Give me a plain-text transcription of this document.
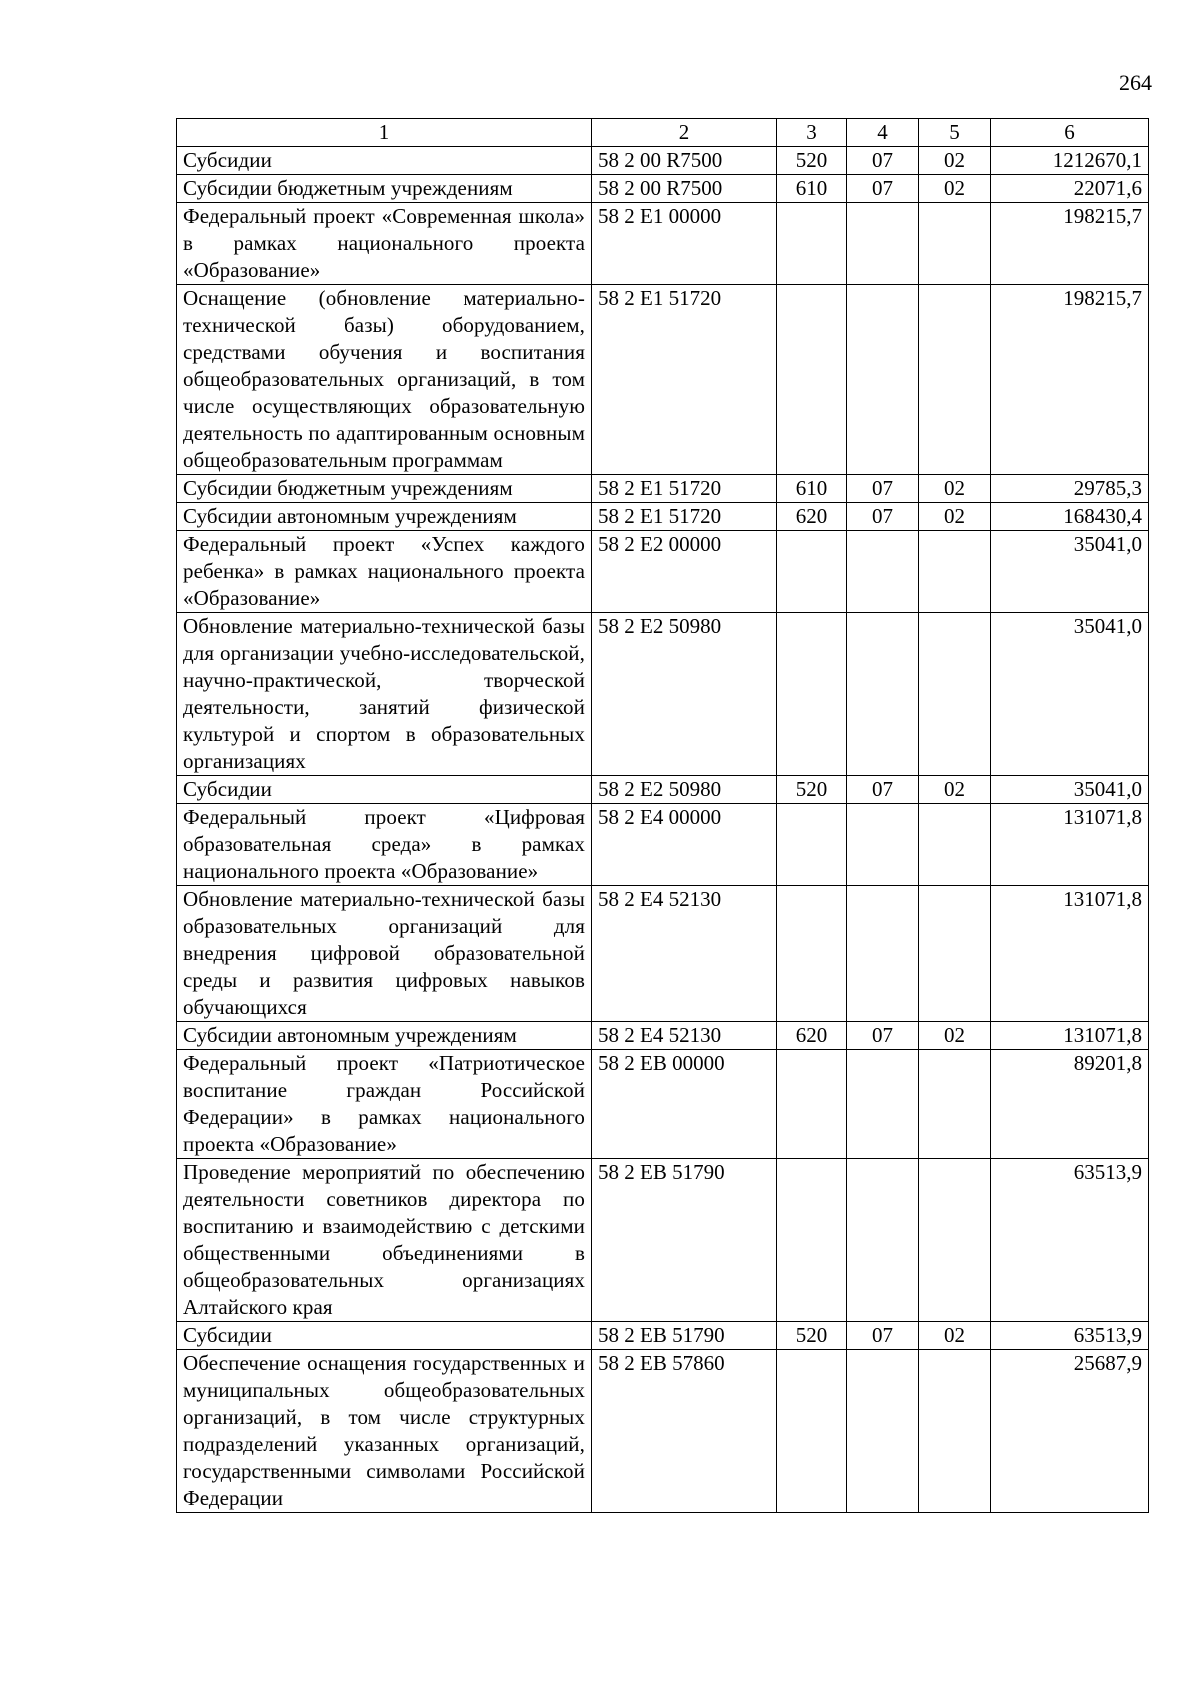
264
1	2	3	4	5	6
Субсидии	58 2 00 R7500	520	07	02	1212670,1
Субсидии бюджетным учреждениям	58 2 00 R7500	610	07	02	22071,6
Федеральный проект «Современная школа» в рамках национального проекта «Образование»	58 2 E1 00000				198215,7
Оснащение (обновление материально-технической базы) оборудованием, средствами обучения и воспитания общеобразовательных организаций, в том числе осуществляющих образовательную деятельность по адаптированным основным общеобразовательным программам	58 2 E1 51720				198215,7
Субсидии бюджетным учреждениям	58 2 E1 51720	610	07	02	29785,3
Субсидии автономным учреждениям	58 2 E1 51720	620	07	02	168430,4
Федеральный проект «Успех каждого ребенка» в рамках национального проекта «Образование»	58 2 E2 00000				35041,0
Обновление материально-технической базы для организации учебно-исследовательской, научно-практической, творческой деятельности, занятий физической культурой и спортом в образовательных организациях	58 2 E2 50980				35041,0
Субсидии	58 2 E2 50980	520	07	02	35041,0
Федеральный проект «Цифровая образовательная среда» в рамках национального проекта «Образование»	58 2 E4 00000				131071,8
Обновление материально-технической базы образовательных организаций для внедрения цифровой образовательной среды и развития цифровых навыков обучающихся	58 2 E4 52130				131071,8
Субсидии автономным учреждениям	58 2 E4 52130	620	07	02	131071,8
Федеральный проект «Патриотическое воспитание граждан Российской Федерации» в рамках национального проекта «Образование»	58 2 EB 00000				89201,8
Проведение мероприятий по обеспечению деятельности советников директора по воспитанию и взаимодействию с детскими общественными объединениями в общеобразовательных организациях Алтайского края	58 2 EB 51790				63513,9
Субсидии	58 2 EB 51790	520	07	02	63513,9
Обеспечение оснащения государственных и муниципальных общеобразовательных организаций, в том числе структурных подразделений указанных организаций, государственными символами Российской Федерации	58 2 EB 57860				25687,9
